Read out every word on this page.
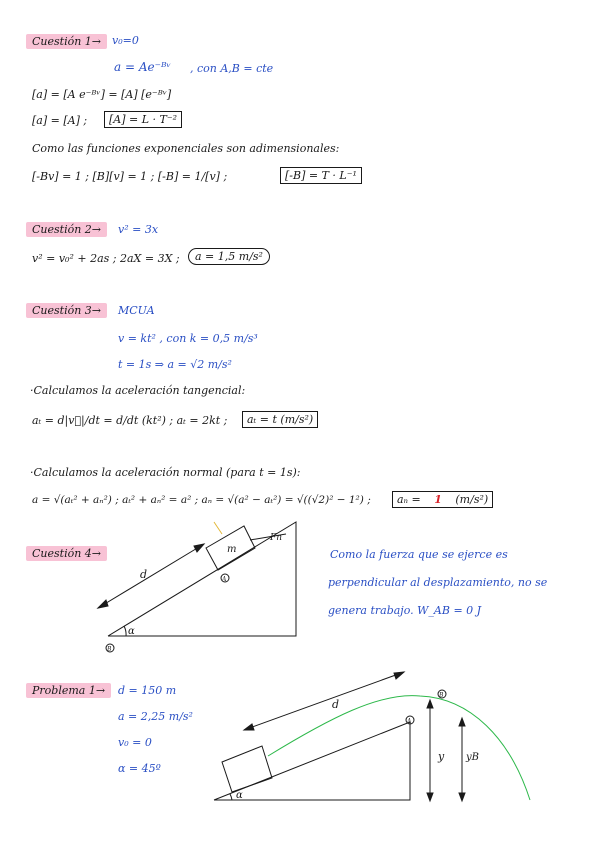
Cuestión 1→ v₀=0
a = Ae⁻ᴮᵛ , con A,B = cte
[a] = [A e⁻ᴮᵛ] = [A] [e⁻ᴮᵛ]
[a] = [A] ;	[A] = L · T⁻²
Como las funciones exponenciales son adimensionales:
[-Bv] = 1 ; [B][v] = 1 ; [-B] = 1/[v] ;	[-B] = T · L⁻¹
Cuestión 2→	v² = 3x
v² = v₀² + 2as ; 2aX = 3X ;	a = 1,5 m/s²
Cuestión 3→	MCUA
v = kt² , con k = 0,5 m/s³
t = 1s ⇒ a = √2 m/s²
·Calculamos la aceleración tangencial:
aₜ = d|v⃗|/dt = d/dt (kt²) ; aₜ = 2kt ;	aₜ = t (m/s²)
·Calculamos la aceleración normal (para t = 1s):
a = √(aₜ² + aₙ²) ; aₜ² + aₙ² = a² ; aₙ = √(a² − aₜ²) = √((√2)² − 1²) ;	aₙ = 1 (m/s²)
Cuestión 4→	Como la fuerza que se ejerce es
perpendicular al desplazamiento, no se
genera trabajo. W_AB = 0 J
d
m
Fn
α
A
B
d
y yB
α
A
B
Problema 1→	d = 150 m
a = 2,25 m/s²
v₀ = 0
α = 45º
